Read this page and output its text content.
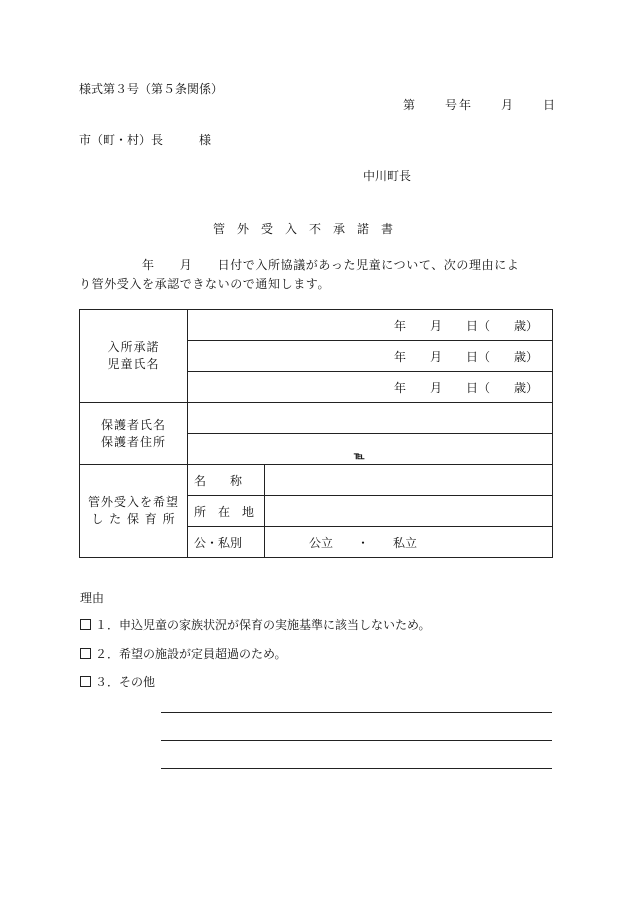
様式第３号（第５条関係）
第　　号年　　月　　日
市（町・村）長　　　様
中川町長
管　外　受　入　不　承　諾　書
　　　　　年　　月　　日付で入所協議があった児童について、次の理由によ
り管外受入を承認できないので通知します。
入所承諾
児童氏名	年　　月　　日（　　歳）	
	年　　月　　日（　　歳）	
	年　　月　　日（　　歳）	

保護者氏名
保護者住所		

	℡	

管外受入を希望
し た 保 育 所	名　　称	
	所　在　地	
	公・私別	公立　　・　　私立
理由
１．申込児童の家族状況が保育の実施基準に該当しないため。
２．希望の施設が定員超過のため。
３．その他
